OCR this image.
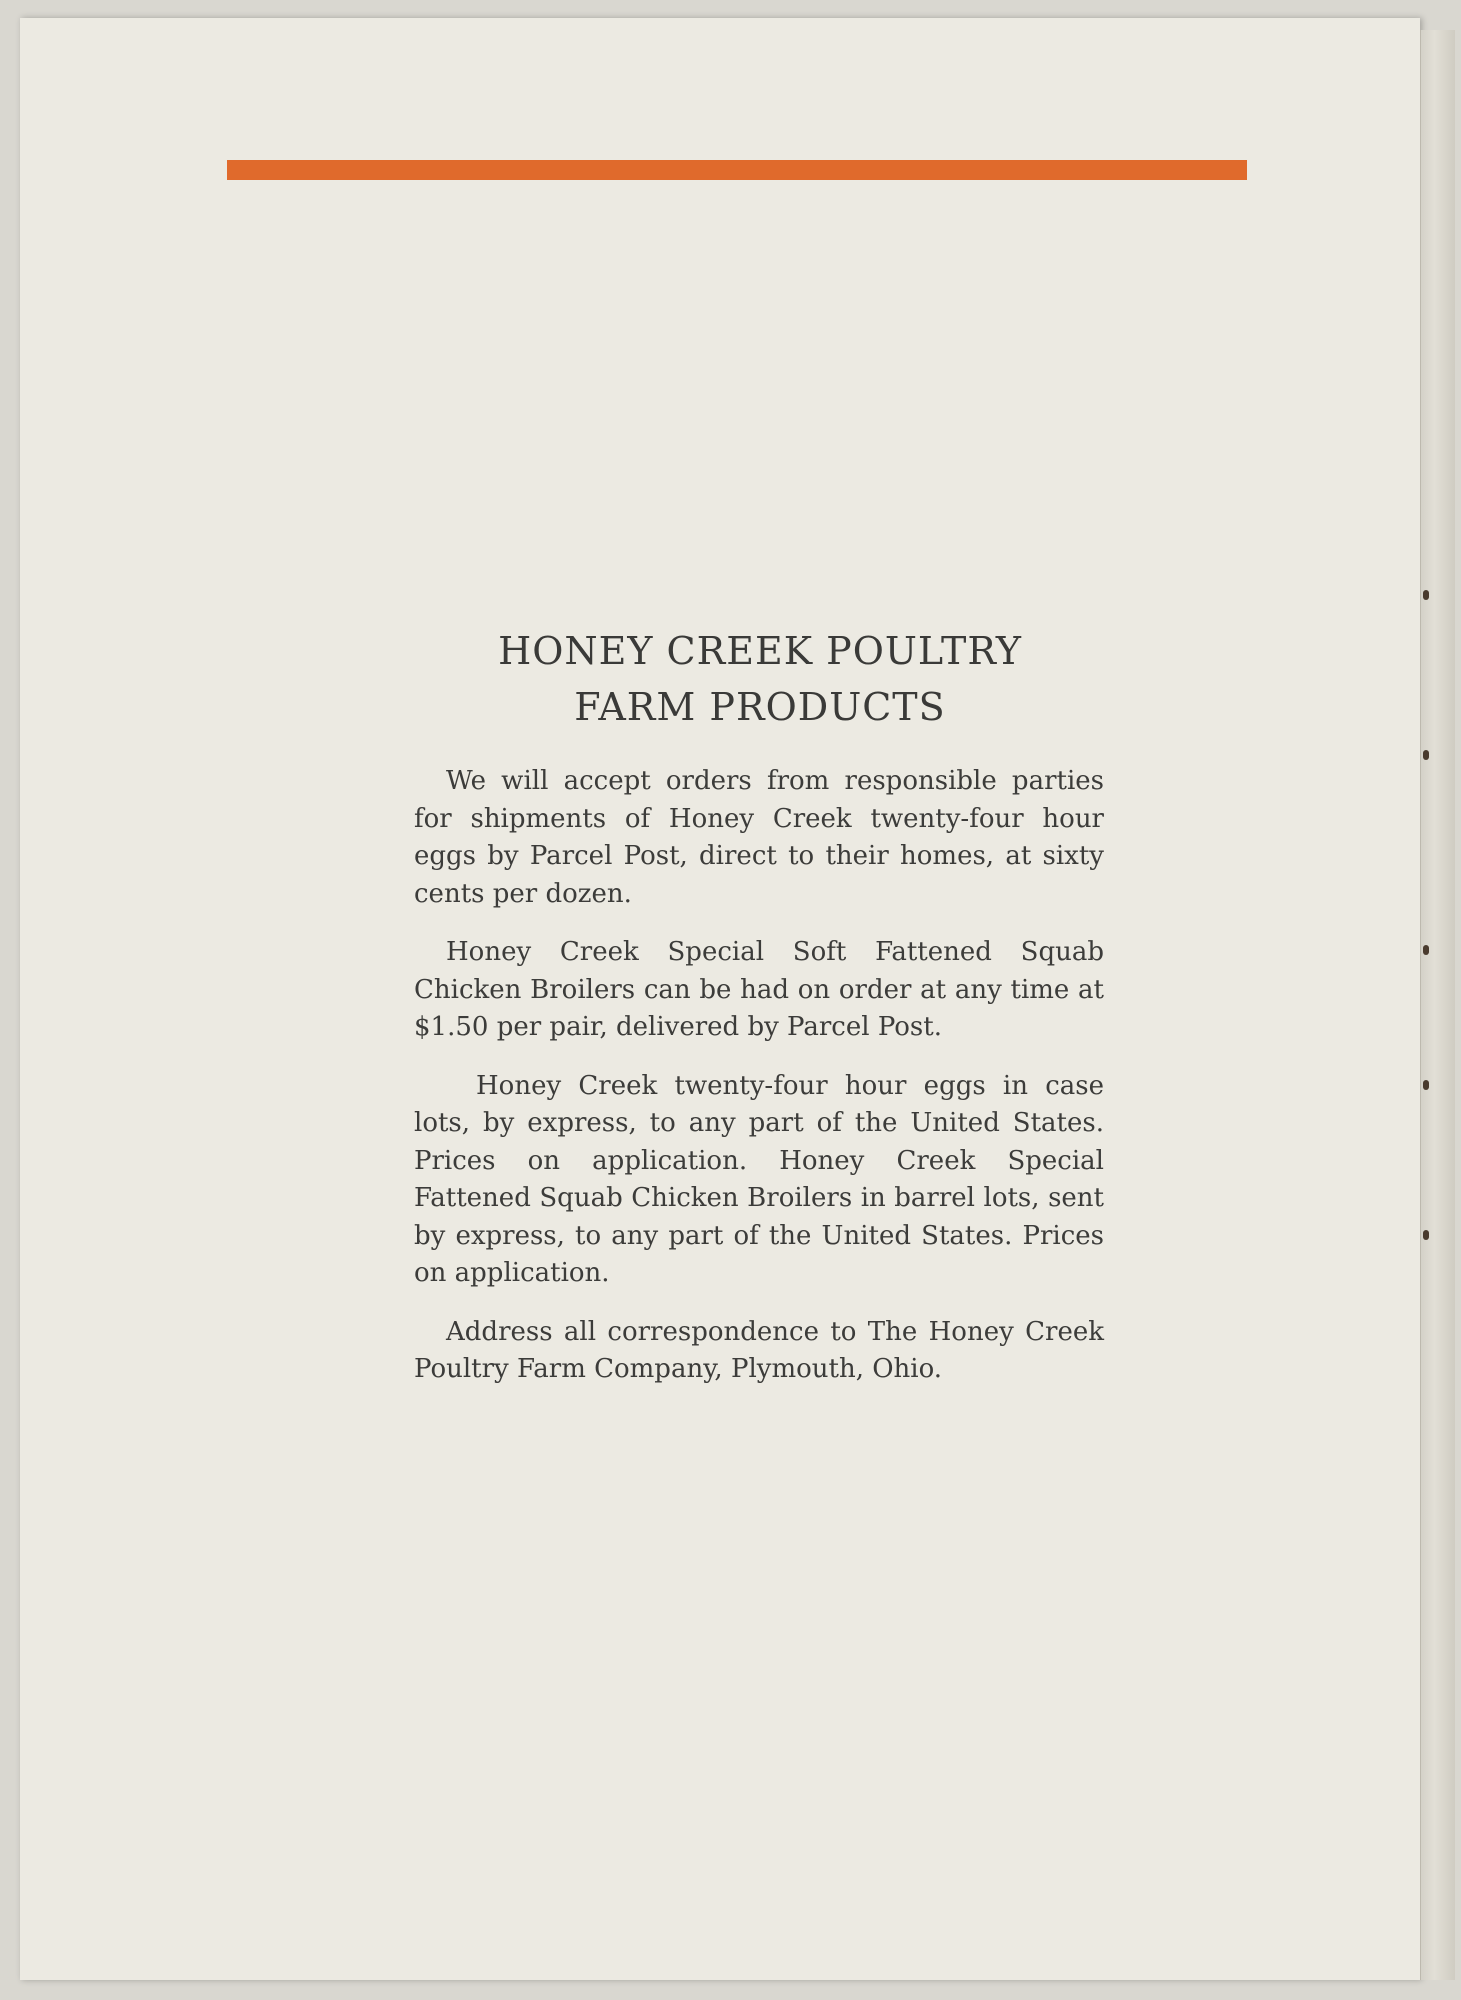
HONEY CREEK POULTRY
FARM PRODUCTS

We will accept orders from responsible parties for shipments of Honey Creek twenty-four hour eggs by Parcel Post, direct to their homes, at sixty cents per dozen.

Honey Creek Special Soft Fattened Squab Chicken Broilers can be had on order at any time at $1.50 per pair, delivered by Parcel Post.

Honey Creek twenty-four hour eggs in case lots, by express, to any part of the United States. Prices on application. Honey Creek Special Fattened Squab Chicken Broilers in barrel lots, sent by express, to any part of the United States. Prices on application.

Address all correspondence to The Honey Creek Poultry Farm Company, Plymouth, Ohio.
